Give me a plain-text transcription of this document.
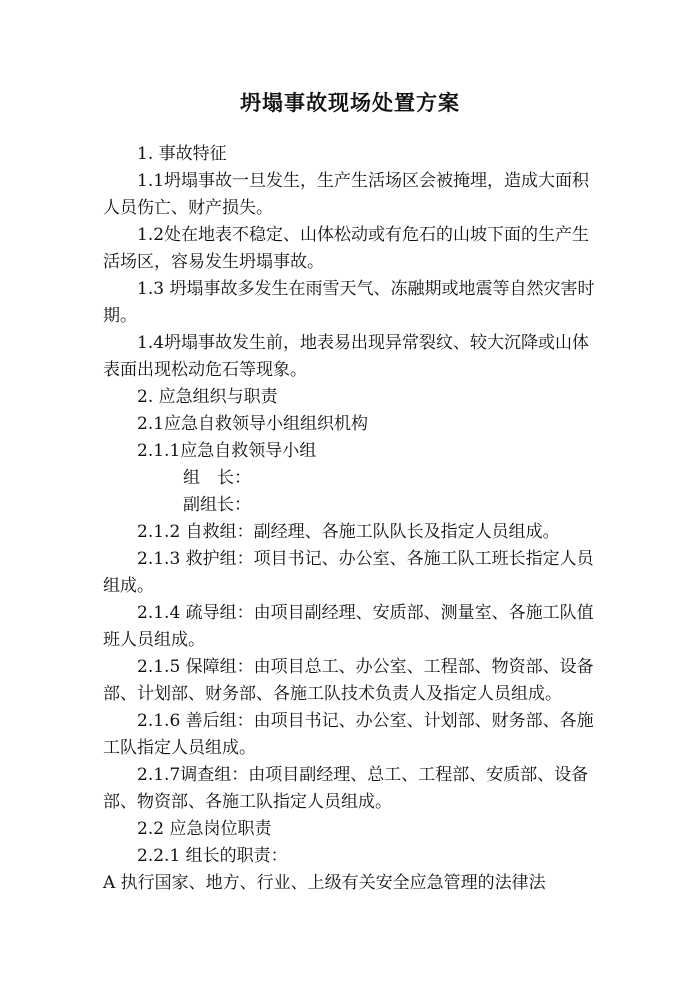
坍塌事故现场处置方案

1. 事故特征

1.1坍塌事故一旦发生，生产生活场区会被掩埋，造成大面积人员伤亡、财产损失。

1.2处在地表不稳定、山体松动或有危石的山坡下面的生产生活场区，容易发生坍塌事故。

1.3 坍塌事故多发生在雨雪天气、冻融期或地震等自然灾害时期。

1.4坍塌事故发生前，地表易出现异常裂纹、较大沉降或山体表面出现松动危石等现象。

2. 应急组织与职责

2.1应急自救领导小组组织机构

2.1.1应急自救领导小组

组　长：

副组长：

2.1.2 自救组：副经理、各施工队队长及指定人员组成。

2.1.3 救护组：项目书记、办公室、各施工队工班长指定人员组成。

2.1.4 疏导组：由项目副经理、安质部、测量室、各施工队值班人员组成。

2.1.5 保障组：由项目总工、办公室、工程部、物资部、设备部、计划部、财务部、各施工队技术负责人及指定人员组成。

2.1.6 善后组：由项目书记、办公室、计划部、财务部、各施工队指定人员组成。

2.1.7调查组：由项目副经理、总工、工程部、安质部、设备部、物资部、各施工队指定人员组成。

2.2 应急岗位职责

2.2.1 组长的职责：

A 执行国家、地方、行业、上级有关安全应急管理的法律法
